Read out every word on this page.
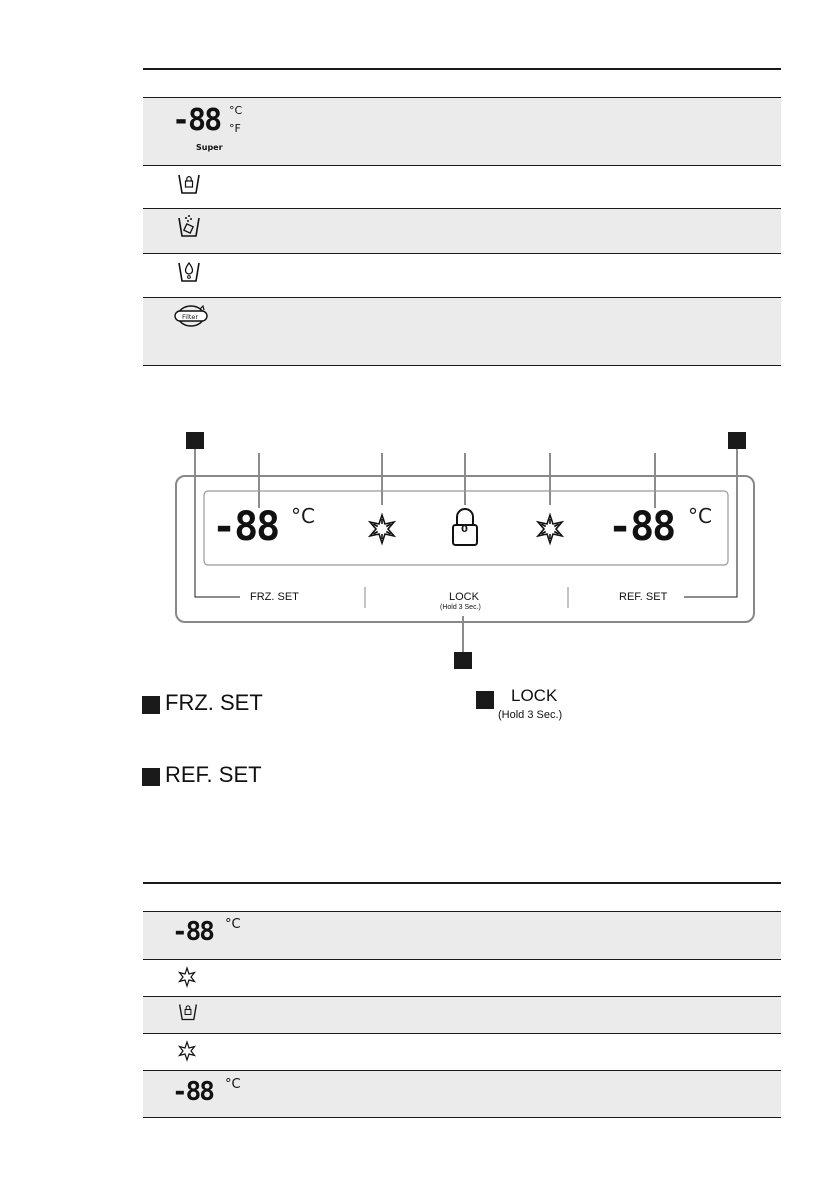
-88 °C
°F
Super
Filter
-88 °C
0	-88 °C
FRZ. SET	LOCK
(Hold 3 Sec.)
REF. SET
FRZ. SET	LOCK
(Hold 3 Sec.)
REF. SET
-88 °C
-88 °C
